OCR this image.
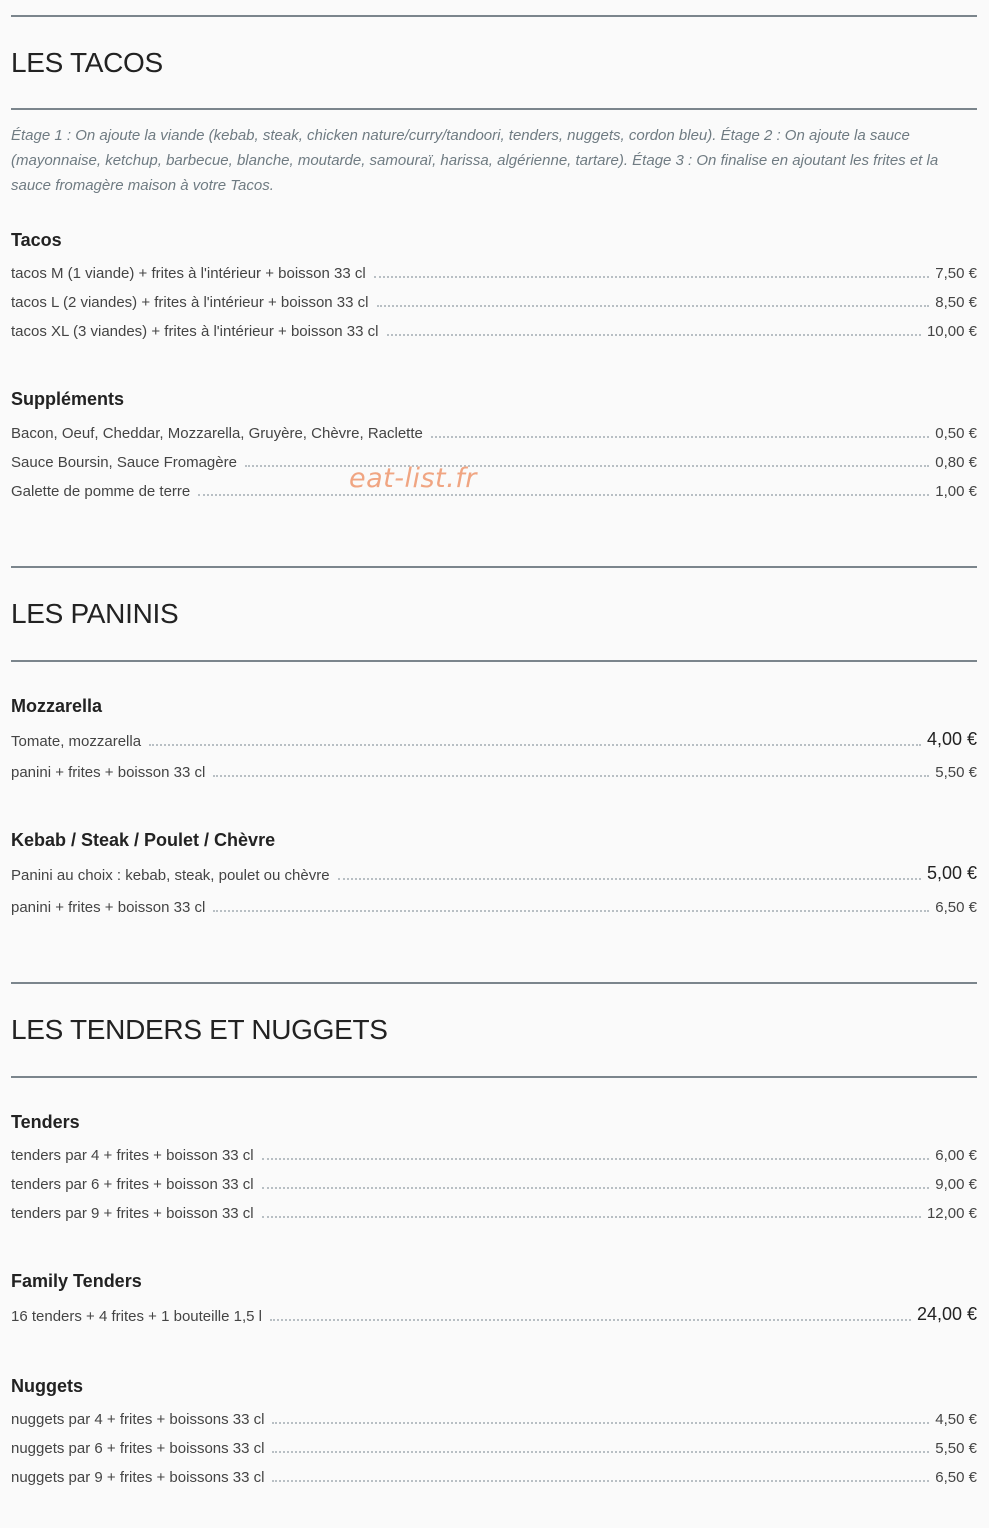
LES TACOS

Étage 1 : On ajoute la viande (kebab, steak, chicken nature/curry/tandoori, tenders, nuggets, cordon bleu). Étage 2 : On ajoute la sauce (mayonnaise, ketchup, barbecue, blanche, moutarde, samouraï, harissa, algérienne, tartare). Étage 3 : On finalise en ajoutant les frites et la sauce fromagère maison à votre Tacos.

Tacos
tacos M (1 viande) + frites à l'intérieur + boisson 33 cl	7,50 €
tacos L (2 viandes) + frites à l'intérieur + boisson 33 cl	8,50 €
tacos XL (3 viandes) + frites à l'intérieur + boisson 33 cl	10,00 €
Suppléments
Bacon, Oeuf, Cheddar, Mozzarella, Gruyère, Chèvre, Raclette	0,50 €
Sauce Boursin, Sauce Fromagère	0,80 €
Galette de pomme de terre	1,00 €
eat-list.fr
LES PANINIS
Mozzarella
Tomate, mozzarella	4,00 €
panini + frites + boisson 33 cl	5,50 €
Kebab / Steak / Poulet / Chèvre
Panini au choix : kebab, steak, poulet ou chèvre	5,00 €
panini + frites + boisson 33 cl	6,50 €
LES TENDERS ET NUGGETS
Tenders
tenders par 4 + frites + boisson 33 cl	6,00 €
tenders par 6 + frites + boisson 33 cl	9,00 €
tenders par 9 + frites + boisson 33 cl	12,00 €
Family Tenders
16 tenders + 4 frites + 1 bouteille 1,5 l	24,00 €
Nuggets
nuggets par 4 + frites + boissons 33 cl	4,50 €
nuggets par 6 + frites + boissons 33 cl	5,50 €
nuggets par 9 + frites + boissons 33 cl	6,50 €
